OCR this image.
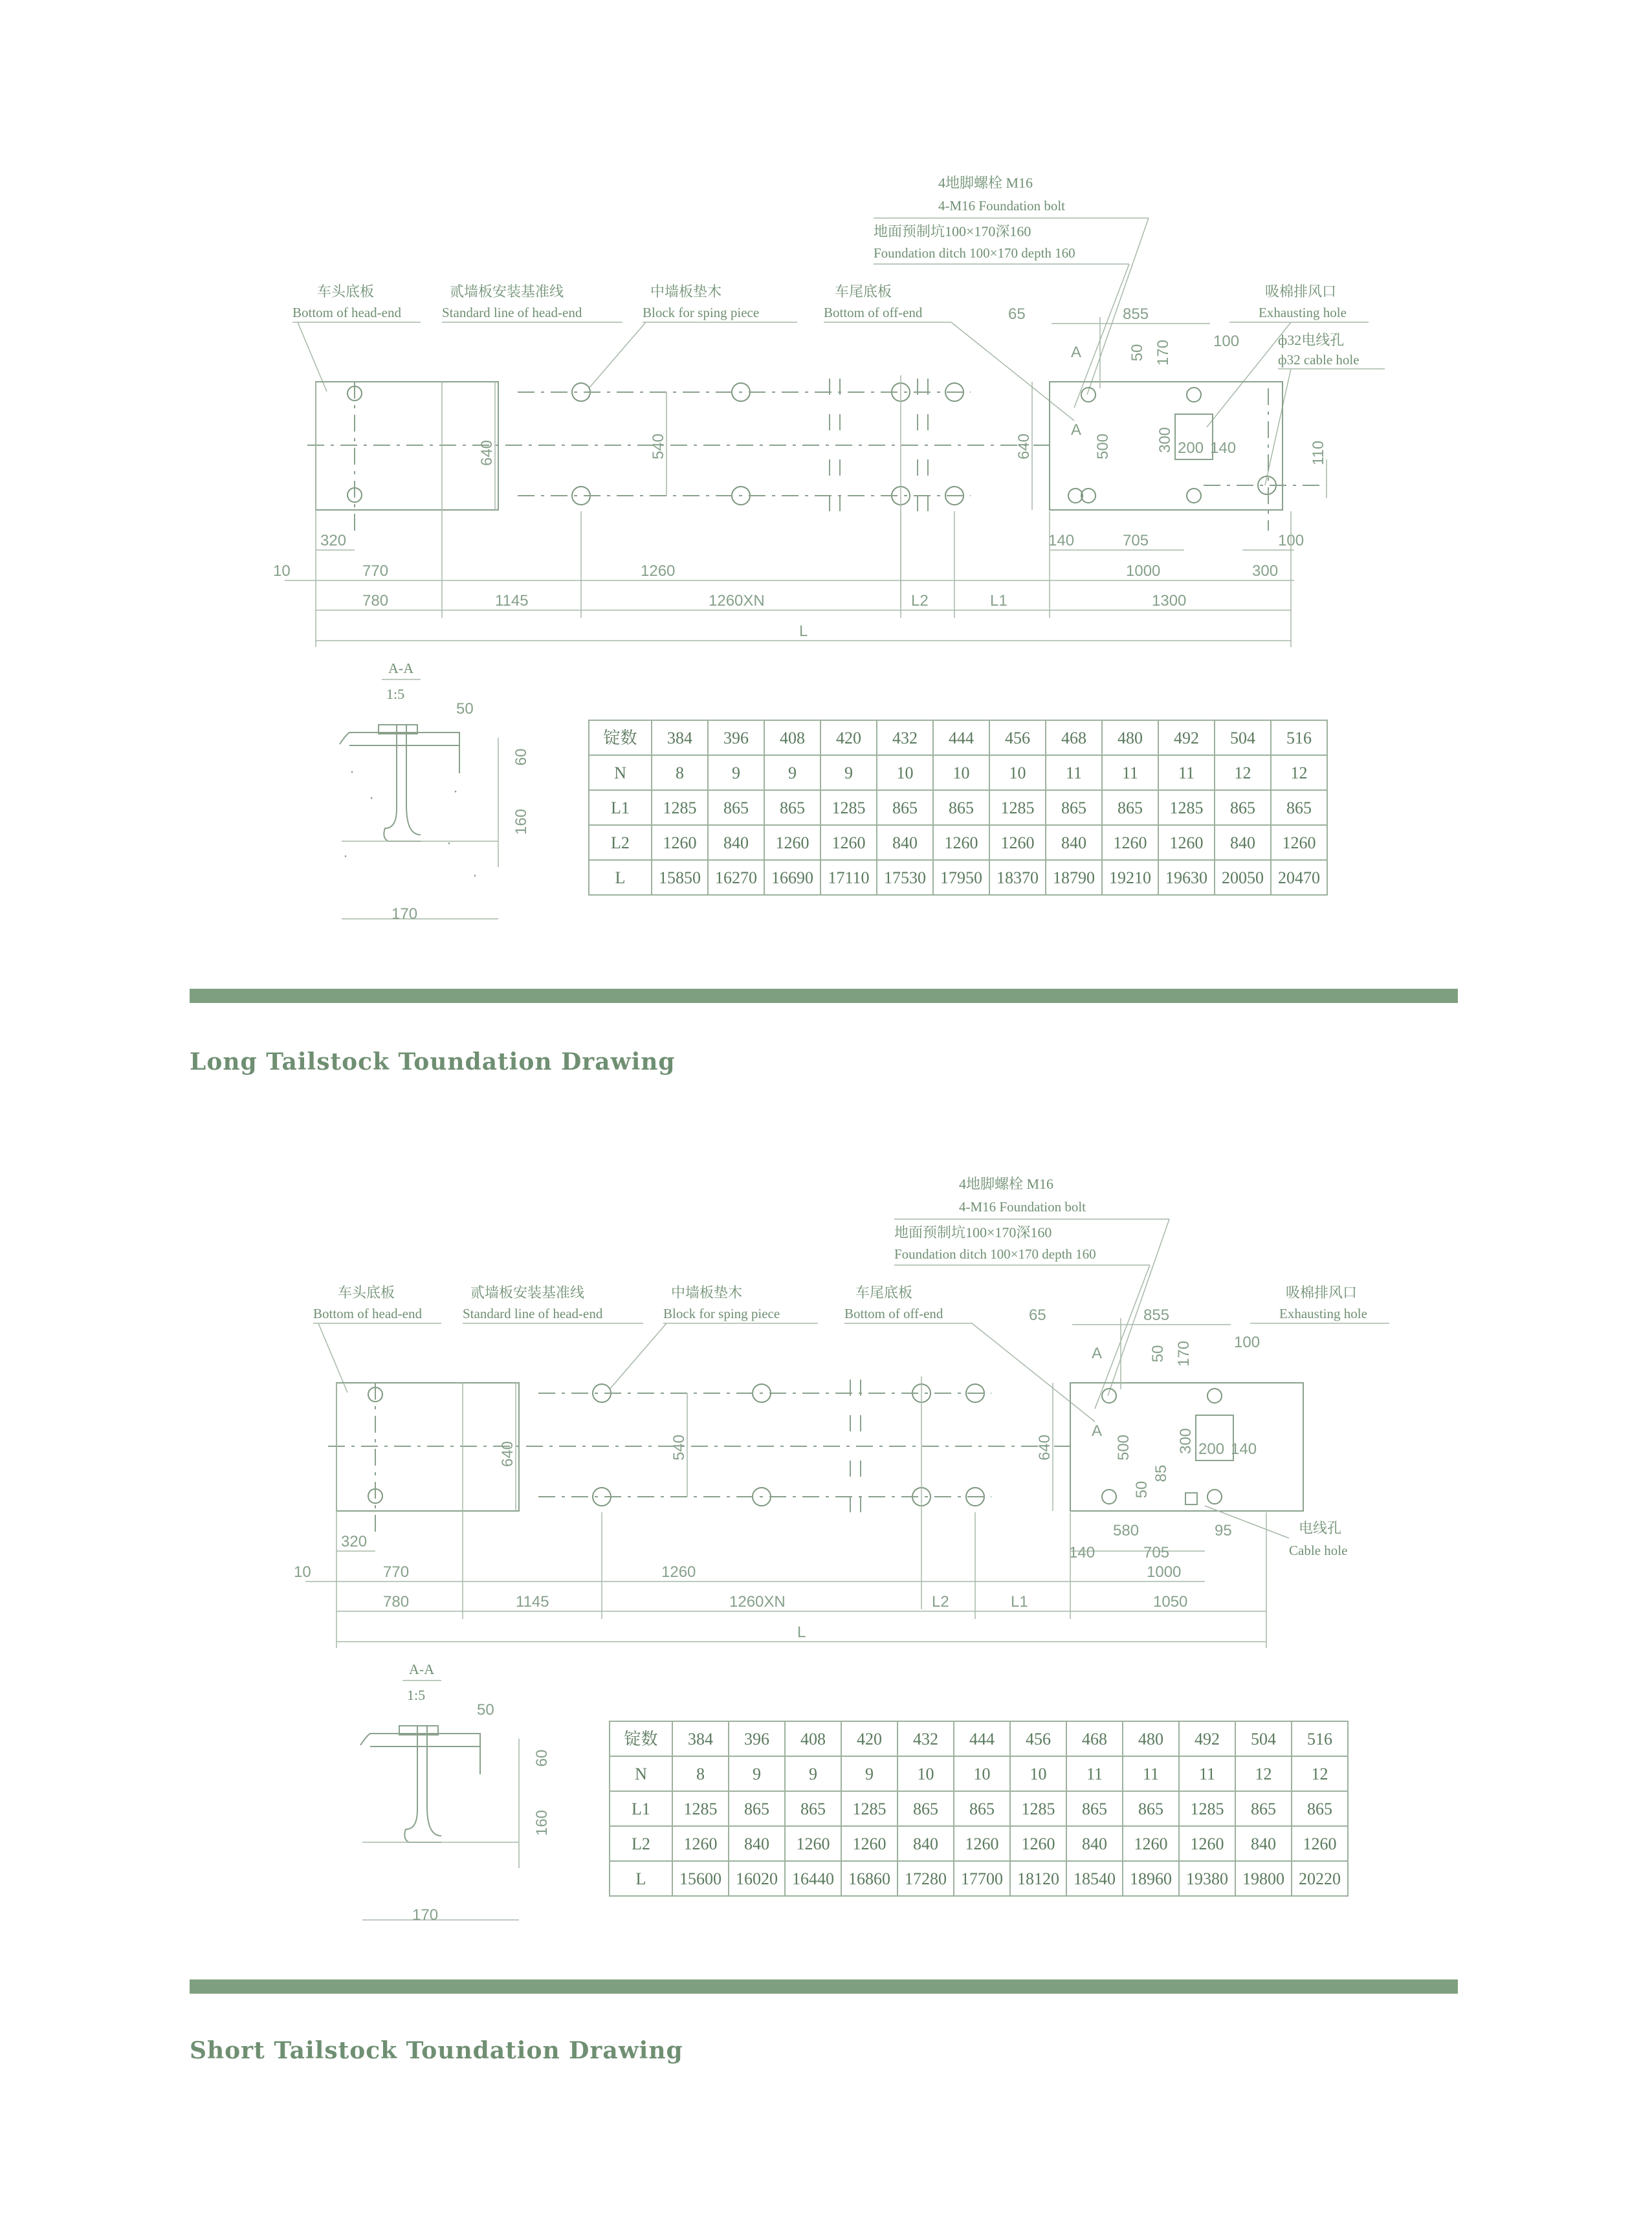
4地脚螺栓 M16
4-M16 Foundation bolt
地面预制坑100×170深160
Foundation ditch 100×170 depth 160
车头底板
Bottom of head-end
贰墙板安装基准线
Standard line of head-end
中墙板垫木
Block for sping piece
车尾底板
Bottom of off-end
吸棉排风口
Exhausting hole
ф32电线孔
ф32 cable hole
640	540	640	110
65	855
100
50 170
500	300 200 140
A
A
320	140	705	100
10	770	1260	1000	300
780	1145	1260XN	L2	L1	1300
L
A-A
1:5
60
160
50
170
·
·	·
·
·
·
锭数 384 396 408 420 432 444 456 468 480 492 504 516
N	8	9	9	9	10 10 10 11 11 11 12 12
L1 1285 865 865 1285 865 865 1285 865 865 1285 865 865
L2 1260 840 1260 1260 840 1260 1260 840 1260 1260 840 1260
L 15850 16270 16690 17110 17530 17950 18370 18790 19210 19630 20050 20470
4地脚螺栓 M16
4-M16 Foundation bolt
地面预制坑100×170深160
Foundation ditch 100×170 depth 160
车头底板
Bottom of head-end
贰墙板安装基准线
Standard line of head-end
中墙板垫木
Block for sping piece
车尾底板
Bottom of off-end
吸棉排风口
Exhausting hole
640	540	640
65	855
100
50 170
500	300
85
50
200 140
A
A
580	95	电线孔
Cable hole
320
140	705
10	770	1260	1000
780	1145	1260XN	L2	L1	1050
L
A-A
1:5
60
160
50
170
锭数 384 396 408 420 432 444 456 468 480 492 504 516
N	8	9	9	9	10 10 10 11 11 11 12 12
L1 1285 865 865 1285 865 865 1285 865 865 1285 865 865
L2 1260 840 1260 1260 840 1260 1260 840 1260 1260 840 1260
L 15600 16020 16440 16860 17280 17700 18120 18540 18960 19380 19800 20220
Long Tailstock Toundation Drawing
Short Tailstock Toundation Drawing
